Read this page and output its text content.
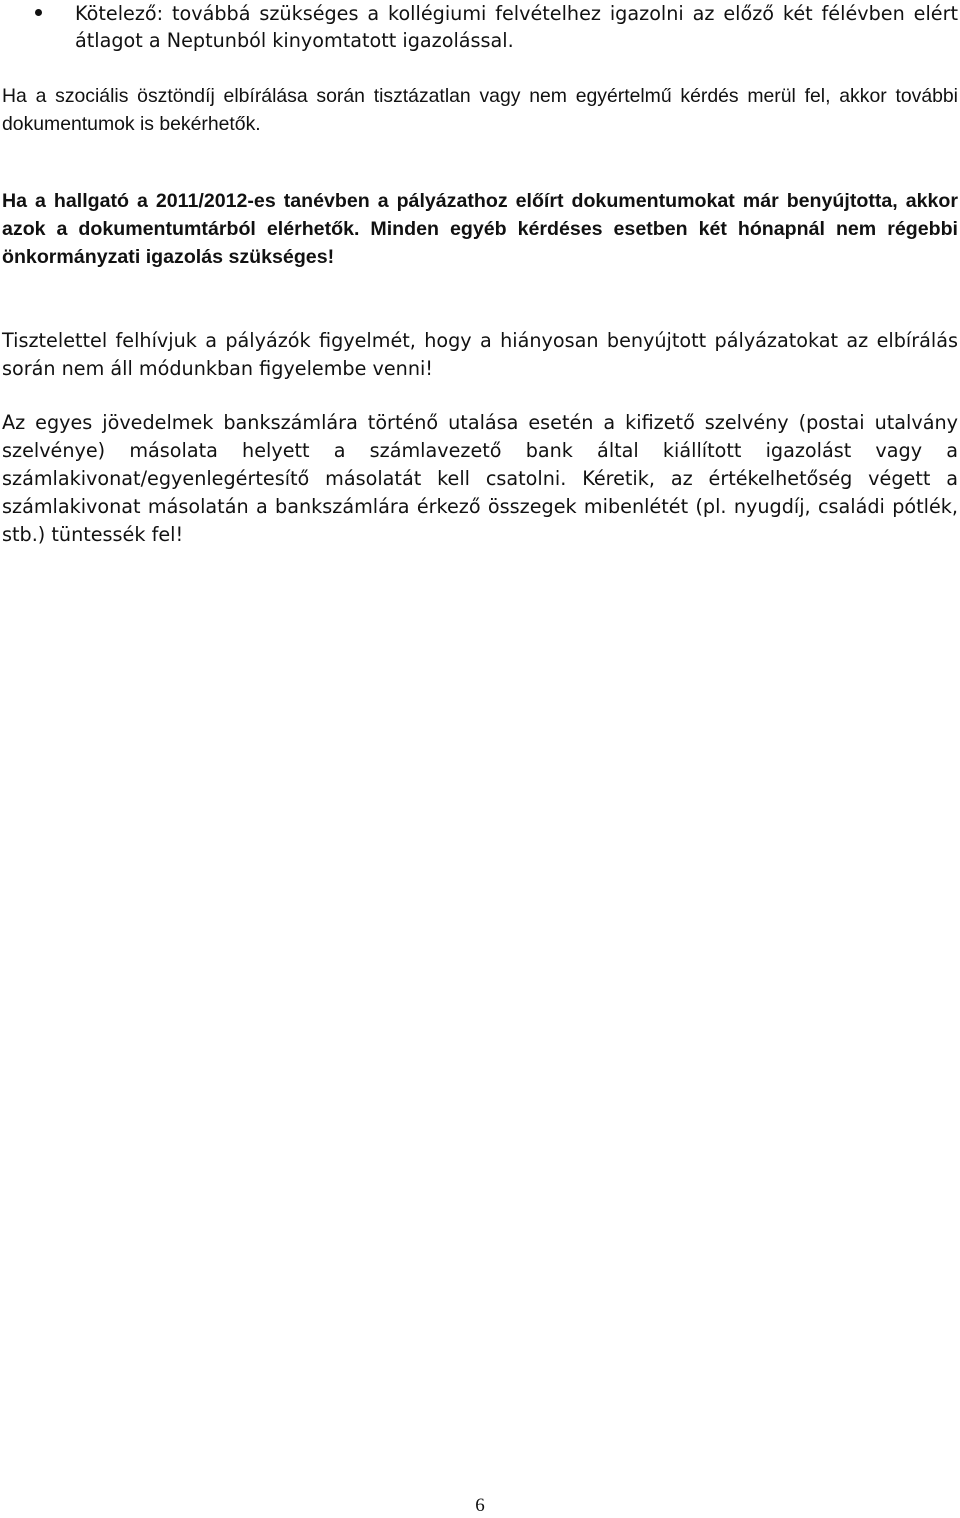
Kötelező: továbbá szükséges a kollégiumi felvételhez igazolni az előző két félévben elért átlagot a Neptunból kinyomtatott igazolással.

Ha a szociális ösztöndíj elbírálása során tisztázatlan vagy nem egyértelmű kérdés merül fel, akkor további dokumentumok is bekérhetők.

Ha a hallgató a 2011/2012-es tanévben a pályázathoz előírt dokumentumokat már benyújtotta, akkor azok a dokumentumtárból elérhetők. Minden egyéb kérdéses esetben két hónapnál nem régebbi önkormányzati igazolás szükséges!

Tisztelettel felhívjuk a pályázók figyelmét, hogy a hiányosan benyújtott pályázatokat az elbírálás során nem áll módunkban figyelembe venni!

Az egyes jövedelmek bankszámlára történő utalása esetén a kifizető szelvény (postai utalvány szelvénye) másolata helyett a számlavezető bank által kiállított igazolást vagy a számlakivonat/egyenlegértesítő másolatát kell csatolni. Kéretik, az értékelhetőség végett a számlakivonat másolatán a bankszámlára érkező összegek mibenlétét (pl. nyugdíj, családi pótlék, stb.) tüntessék fel!

6
